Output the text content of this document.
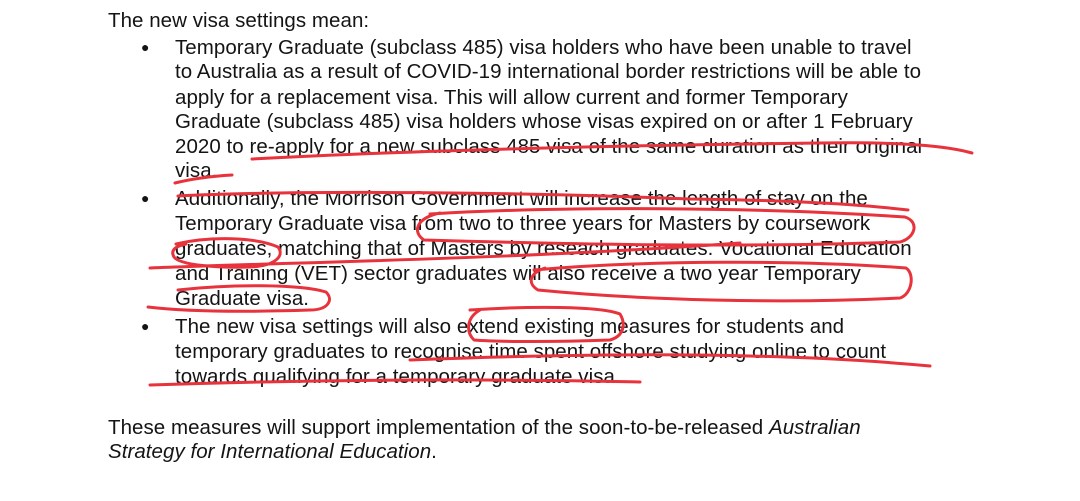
The new visa settings mean:
●
Temporary Graduate (subclass 485) visa holders who have been unable to travel
to Australia as a result of COVID-19 international border restrictions will be able to
apply for a replacement visa. This will allow current and former Temporary
Graduate (subclass 485) visa holders whose visas expired on or after 1 February
2020 to re-apply for a new subclass 485 visa of the same duration as their original
visa.
●
Additionally, the Morrison Government will increase the length of stay on the
Temporary Graduate visa from two to three years for Masters by coursework
graduates, matching that of Masters by reseach graduates. Vocational Education
and Training (VET) sector graduates will also receive a two year Temporary
Graduate visa.
●
The new visa settings will also extend existing measures for students and
temporary graduates to recognise time spent offshore studying online to count
towards qualifying for a temporary graduate visa.
These measures will support implementation of the soon-to-be-released Australian
Strategy for International Education.
